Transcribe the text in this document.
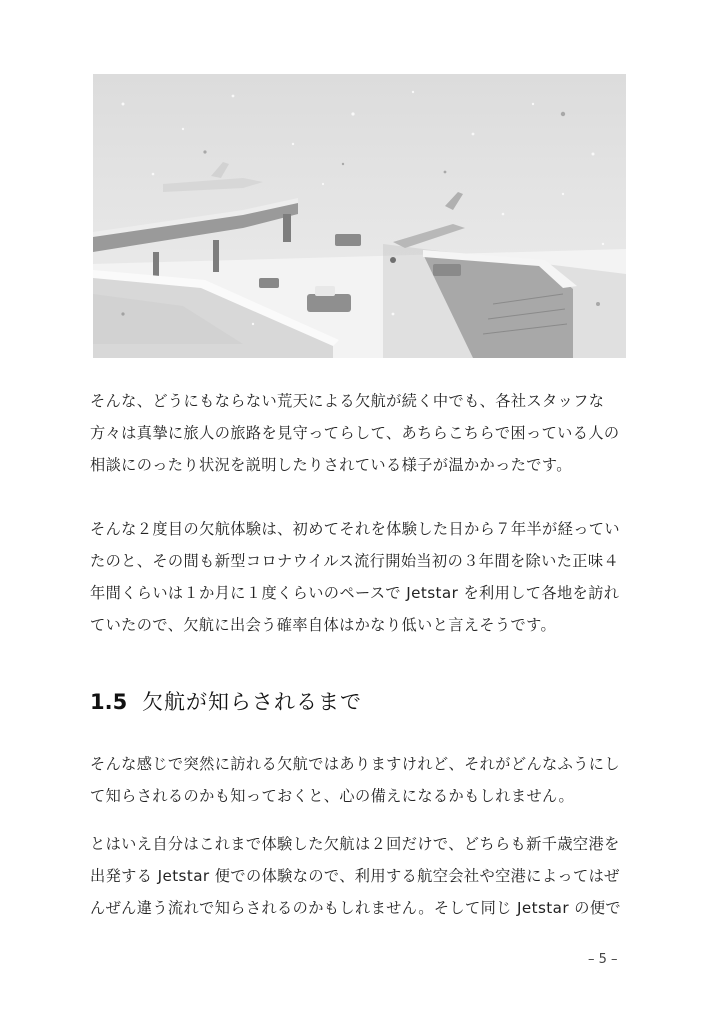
そんな、どうにもならない荒天による欠航が続く中でも、各社スタッフな
方々は真摯に旅人の旅路を見守ってらして、あちらこちらで困っている人の
相談にのったり状況を説明したりされている様子が温かかったです。

そんな２度目の欠航体験は、初めてそれを体験した日から７年半が経ってい
たのと、その間も新型コロナウイルス流行開始当初の３年間を除いた正味４
年間くらいは１か月に１度くらいのペースで Jetstar を利用して各地を訪れ
ていたので、欠航に出会う確率自体はかなり低いと言えそうです。

1.5 欠航が知らされるまで

そんな感じで突然に訪れる欠航ではありますけれど、それがどんなふうにし
て知らされるのかも知っておくと、心の備えになるかもしれません。

とはいえ自分はこれまで体験した欠航は２回だけで、どちらも新千歳空港を
出発する Jetstar 便での体験なので、利用する航空会社や空港によってはぜ
んぜん違う流れで知らされるのかもしれません。そして同じ Jetstar の便で

– 5 –
